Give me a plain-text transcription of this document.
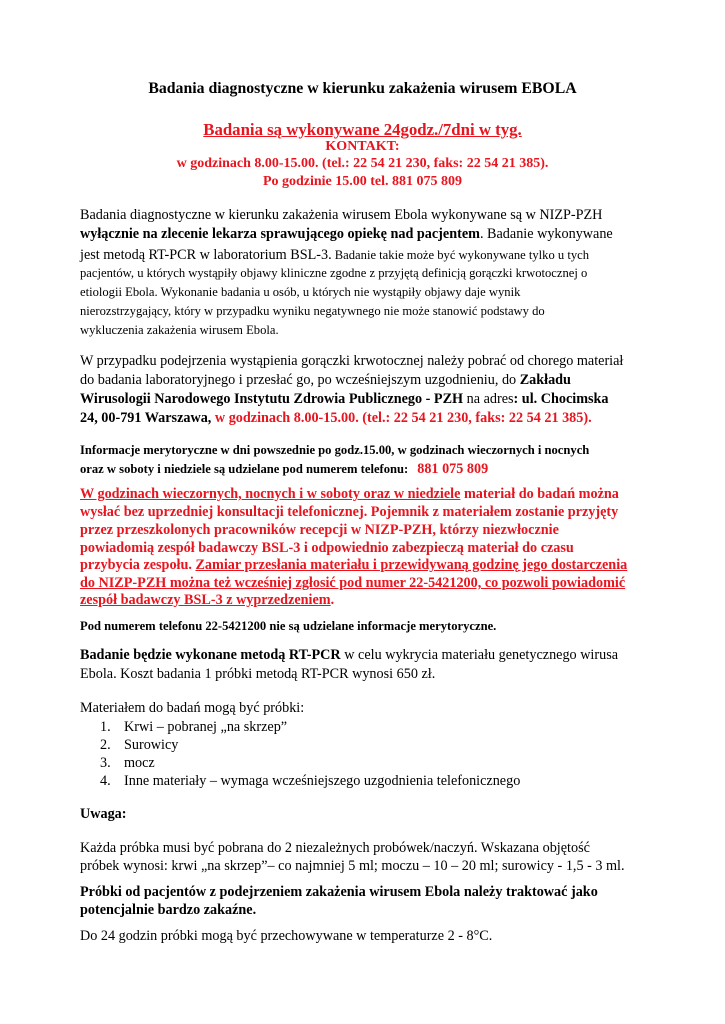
Badania diagnostyczne w kierunku zakażenia wirusem EBOLA
Badania są wykonywane 24godz./7dni w tyg.
KONTAKT:
w godzinach 8.00-15.00. (tel.: 22 54 21 230, faks: 22 54 21 385).
Po godzinie 15.00 tel. 881 075 809
Badania diagnostyczne w kierunku zakażenia wirusem Ebola wykonywane są w NIZP-PZH
wyłącznie na zlecenie lekarza sprawującego opiekę nad pacjentem. Badanie wykonywane
jest metodą RT-PCR w laboratorium BSL-3. Badanie takie może być wykonywane tylko u tych
pacjentów, u których wystąpiły objawy kliniczne zgodne z przyjętą definicją gorączki krwotocznej o
etiologii Ebola. Wykonanie badania u osób, u których nie wystąpiły objawy daje wynik
nierozstrzygający, który w przypadku wyniku negatywnego nie może stanowić podstawy do
wykluczenia zakażenia wirusem Ebola.
W przypadku podejrzenia wystąpienia gorączki krwotocznej należy pobrać od chorego materiał
do badania laboratoryjnego i przesłać go, po wcześniejszym uzgodnieniu, do Zakładu
Wirusologii Narodowego Instytutu Zdrowia Publicznego - PZH na adres: ul. Chocimska
24, 00-791 Warszawa, w godzinach 8.00-15.00. (tel.: 22 54 21 230, faks: 22 54 21 385).
Informacje merytoryczne w dni powszednie po godz.15.00, w godzinach wieczornych i nocnych
oraz w soboty i niedziele są udzielane pod numerem telefonu: 881 075 809
W godzinach wieczornych, nocnych i w soboty oraz w niedziele materiał do badań można
wysłać bez uprzedniej konsultacji telefonicznej. Pojemnik z materiałem zostanie przyjęty
przez przeszkolonych pracowników recepcji w NIZP-PZH, którzy niezwłocznie
powiadomią zespół badawczy BSL-3 i odpowiednio zabezpieczą materiał do czasu
przybycia zespołu. Zamiar przesłania materiału i przewidywaną godzinę jego dostarczenia
do NIZP-PZH można też wcześniej zgłosić pod numer 22-5421200, co pozwoli powiadomić
zespół badawczy BSL-3 z wyprzedzeniem.
Pod numerem telefonu 22-5421200 nie są udzielane informacje merytoryczne.
Badanie będzie wykonane metodą RT-PCR w celu wykrycia materiału genetycznego wirusa
Ebola. Koszt badania 1 próbki metodą RT-PCR wynosi 650 zł.
Materiałem do badań mogą być próbki:
1. Krwi – pobranej „na skrzep”
2. Surowicy
3. mocz
4. Inne materiały – wymaga wcześniejszego uzgodnienia telefonicznego
Uwaga:
Każda próbka musi być pobrana do 2 niezależnych probówek/naczyń. Wskazana objętość
próbek wynosi: krwi „na skrzep”– co najmniej 5 ml; moczu – 10 – 20 ml; surowicy - 1,5 - 3 ml.
Próbki od pacjentów z podejrzeniem zakażenia wirusem Ebola należy traktować jako
potencjalnie bardzo zakaźne.
Do 24 godzin próbki mogą być przechowywane w temperaturze 2 - 8°C.
